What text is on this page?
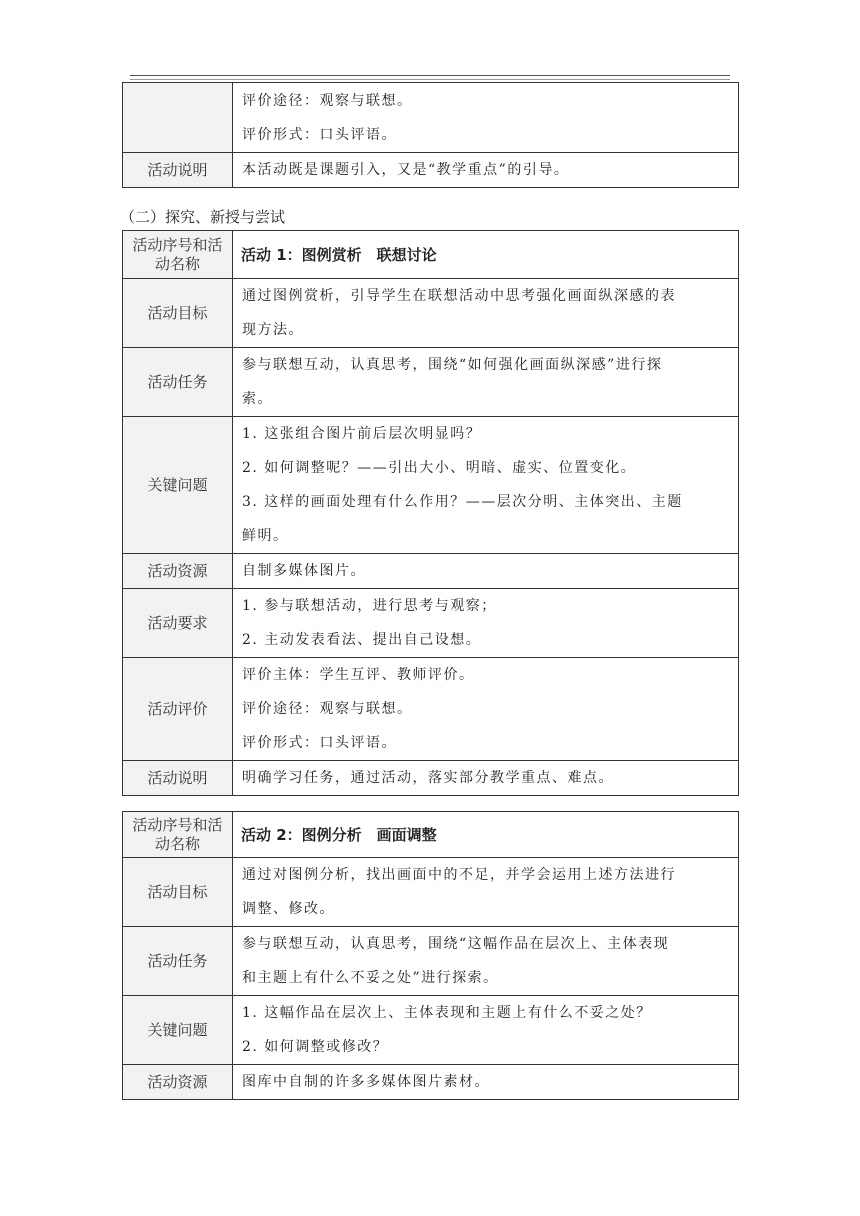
	评价途径：观察与联想。
评价形式：口头评语。

活动说明	本活动既是课题引入，又是“教学重点”的引导。
（二）探究、新授与尝试
活动序号和活动名称	活动 1：图例赏析　联想讨论
活动目标	通过图例赏析，引导学生在联想活动中思考强化画面纵深感的表
现方法。

活动任务	参与联想互动，认真思考，围绕“如何强化画面纵深感”进行探
索。

关键问题	1. 这张组合图片前后层次明显吗？
2. 如何调整呢？——引出大小、明暗、虚实、位置变化。
3. 这样的画面处理有什么作用？——层次分明、主体突出、主题
鲜明。

活动资源	自制多媒体图片。

活动要求	1. 参与联想活动，进行思考与观察；
2. 主动发表看法、提出自己设想。

活动评价	评价主体：学生互评、教师评价。
评价途径：观察与联想。
评价形式：口头评语。

活动说明	明确学习任务，通过活动，落实部分教学重点、难点。
活动序号和活动名称	活动 2：图例分析　画面调整
活动目标	通过对图例分析，找出画面中的不足，并学会运用上述方法进行
调整、修改。

活动任务	参与联想互动，认真思考，围绕“这幅作品在层次上、主体表现
和主题上有什么不妥之处”进行探索。

关键问题	1. 这幅作品在层次上、主体表现和主题上有什么不妥之处？
2. 如何调整或修改？

活动资源	图库中自制的许多多媒体图片素材。
